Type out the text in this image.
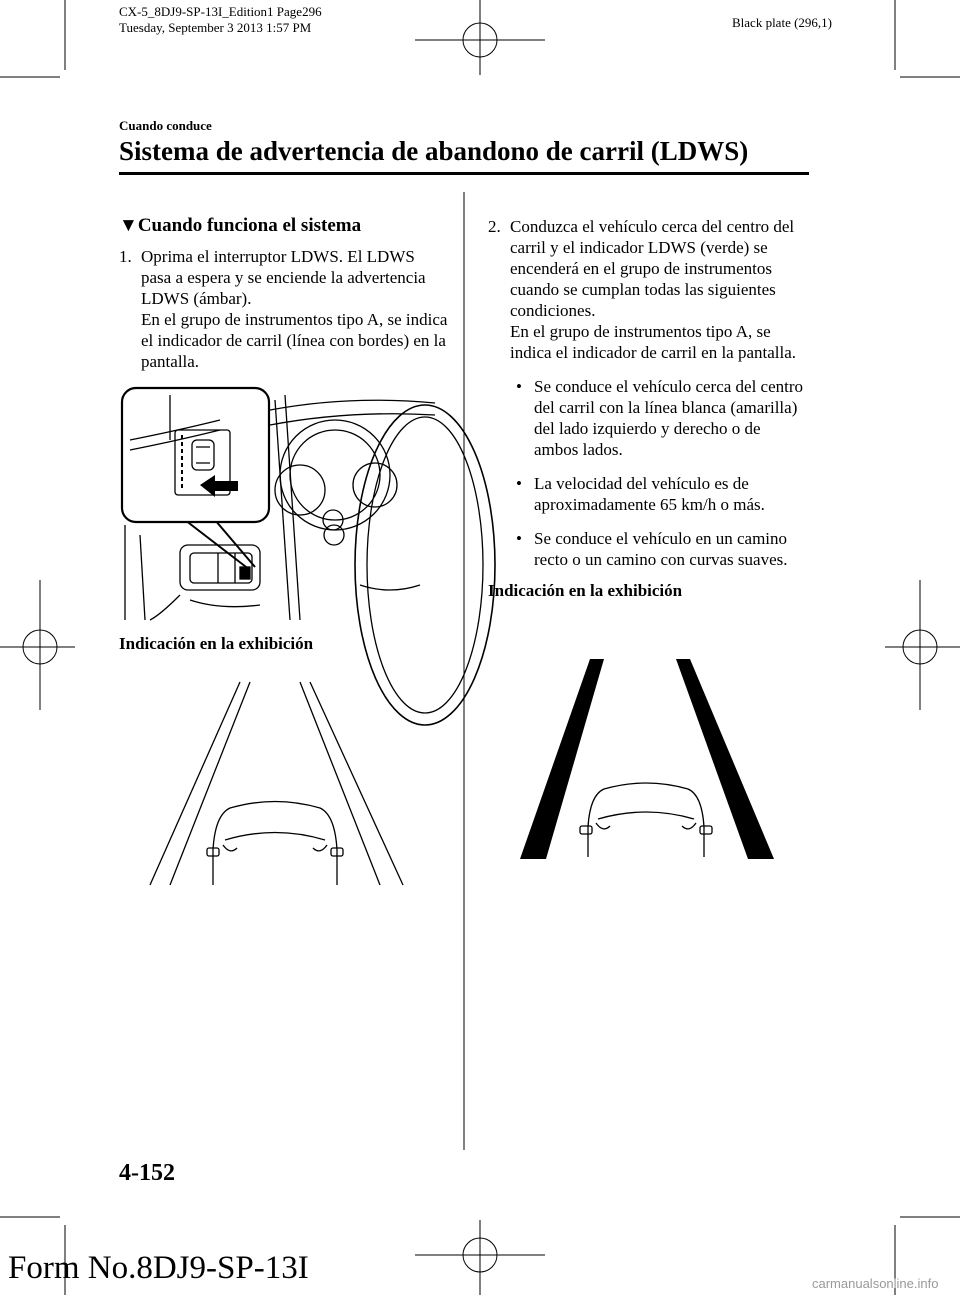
CX-5_8DJ9-SP-13I_Edition1 Page296
Tuesday, September 3 2013 1:57 PM	Black plate (296,1)
Cuando conduce
Sistema de advertencia de abandono de carril (LDWS)
▼Cuando funciona el sistema
1. Oprima el interruptor LDWS. El LDWS pasa a espera y se enciende la advertencia LDWS (ámbar).
En el grupo de instrumentos tipo A, se indica el indicador de carril (línea con bordes) en la pantalla.
Indicación en la exhibición
2. Conduzca el vehículo cerca del centro del carril y el indicador LDWS (verde) se encenderá en el grupo de instrumentos cuando se cumplan todas las siguientes condiciones.
En el grupo de instrumentos tipo A, se indica el indicador de carril en la pantalla.
• Se conduce el vehículo cerca del centro del carril con la línea blanca (amarilla) del lado izquierdo y derecho o de ambos lados.
• La velocidad del vehículo es de aproximadamente 65 km/h o más.
• Se conduce el vehículo en un camino recto o un camino con curvas suaves.
Indicación en la exhibición
4-152
Form No.8DJ9-SP-13I	carmanualsonline.info
